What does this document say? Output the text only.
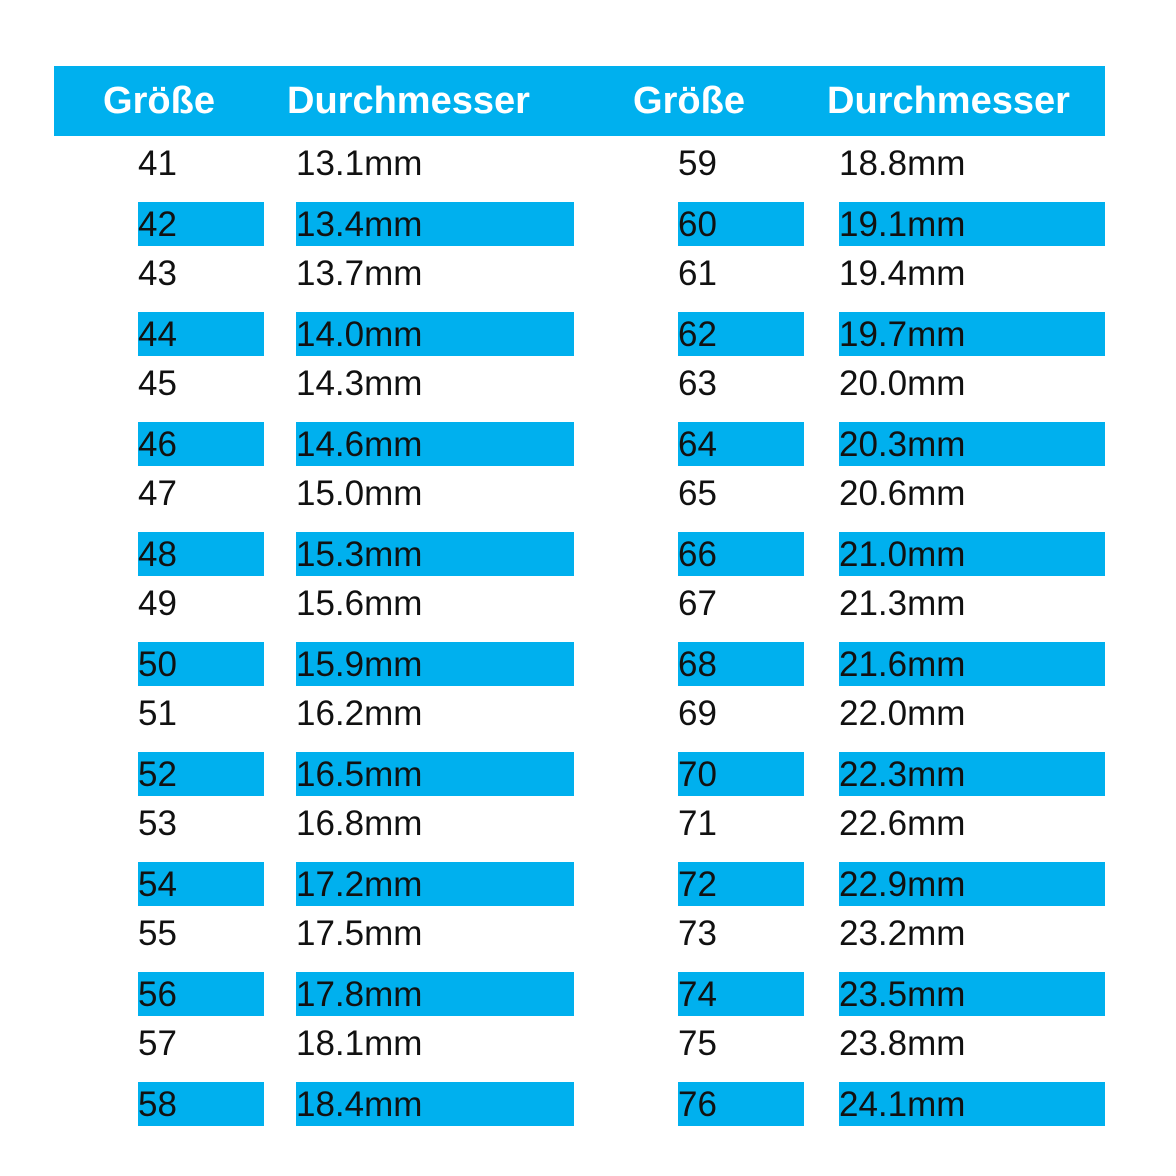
Größe	Durchmesser	Größe	Durchmesser
41	13.1mm	59	18.8mm
42	13.4mm	60	19.1mm
43	13.7mm	61	19.4mm
44	14.0mm	62	19.7mm
45	14.3mm	63	20.0mm
46	14.6mm	64	20.3mm
47	15.0mm	65	20.6mm
48	15.3mm	66	21.0mm
49	15.6mm	67	21.3mm
50	15.9mm	68	21.6mm
51	16.2mm	69	22.0mm
52	16.5mm	70	22.3mm
53	16.8mm	71	22.6mm
54	17.2mm	72	22.9mm
55	17.5mm	73	23.2mm
56	17.8mm	74	23.5mm
57	18.1mm	75	23.8mm
58	18.4mm	76	24.1mm
